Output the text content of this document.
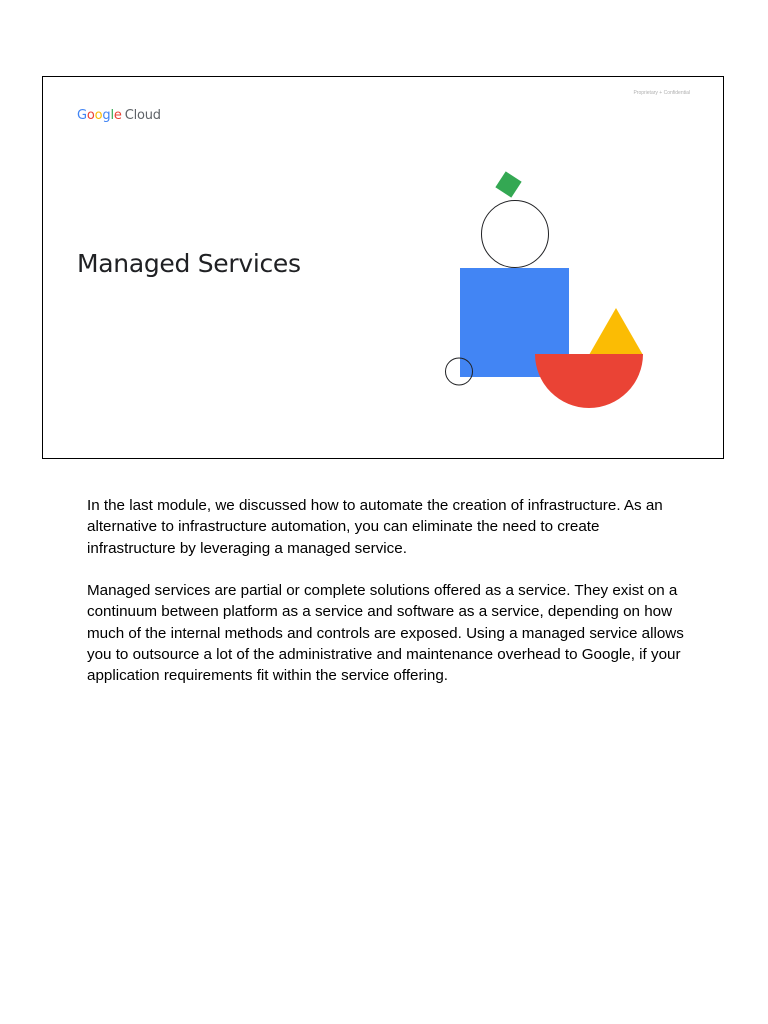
Proprietary + Confidential
Google Cloud
Managed Services

In the last module, we discussed how to automate the creation of infrastructure. As an alternative to infrastructure automation, you can eliminate the need to create infrastructure by leveraging a managed service.

Managed services are partial or complete solutions offered as a service. They exist on a continuum between platform as a service and software as a service, depending on how much of the internal methods and controls are exposed. Using a managed service allows you to outsource a lot of the administrative and maintenance overhead to Google, if your application requirements fit within the service offering.
